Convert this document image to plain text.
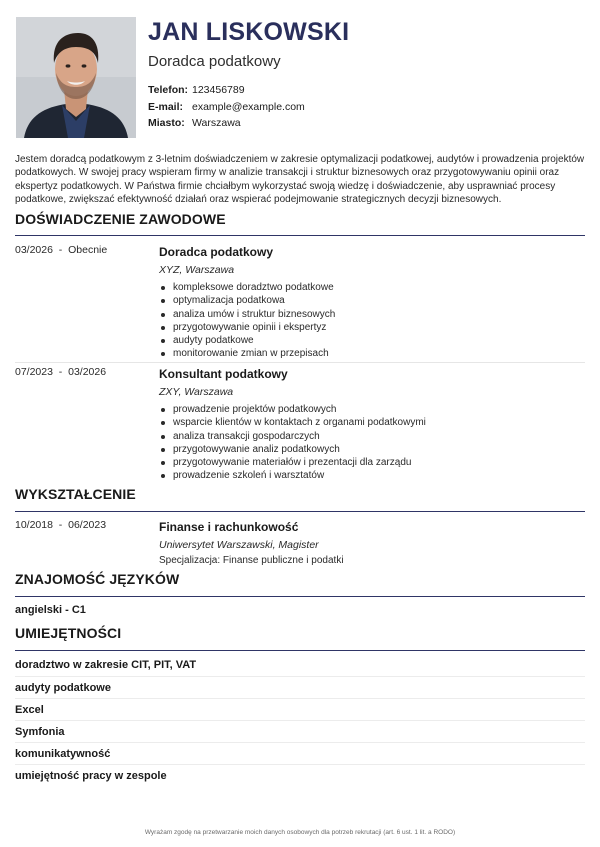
JAN LISKOWSKI
Doradca podatkowy
Telefon: 123456789
E-mail: example@example.com
Miasto: Warszawa
Jestem doradcą podatkowym z 3-letnim doświadczeniem w zakresie optymalizacji podatkowej, audytów i prowadzenia projektów podatkowych. W swojej pracy wspieram firmy w analizie transakcji i struktur biznesowych oraz przygotowywaniu opinii oraz ekspertyz podatkowych. W Państwa firmie chciałbym wykorzystać swoją wiedzę i doświadczenie, aby usprawniać procesy podatkowe, zwiększać efektywność działań oraz wspierać podejmowanie strategicznych decyzji biznesowych.
DOŚWIADCZENIE ZAWODOWE
03/2026  -  Obecnie	Doradca podatkowy
XYZ, Warszawa
kompleksowe doradztwo podatkowe
optymalizacja podatkowa
analiza umów i struktur biznesowych
przygotowywanie opinii i ekspertyz
audyty podatkowe
monitorowanie zmian w przepisach
07/2023  -  03/2026	Konsultant podatkowy
ZXY, Warszawa
prowadzenie projektów podatkowych
wsparcie klientów w kontaktach z organami podatkowymi
analiza transakcji gospodarczych
przygotowywanie analiz podatkowych
przygotowywanie materiałów i prezentacji dla zarządu
prowadzenie szkoleń i warsztatów
WYKSZTAŁCENIE
10/2018  -  06/2023	Finanse i rachunkowość
Uniwersytet Warszawski, Magister
Specjalizacja: Finanse publiczne i podatki
ZNAJOMOŚĆ JĘZYKÓW
angielski - C1
UMIEJĘTNOŚCI
doradztwo w zakresie CIT, PIT, VAT
audyty podatkowe
Excel
Symfonia
komunikatywność
umiejętność pracy w zespole
Wyrażam zgodę na przetwarzanie moich danych osobowych dla potrzeb rekrutacji (art. 6 ust. 1 lit. a RODO)
